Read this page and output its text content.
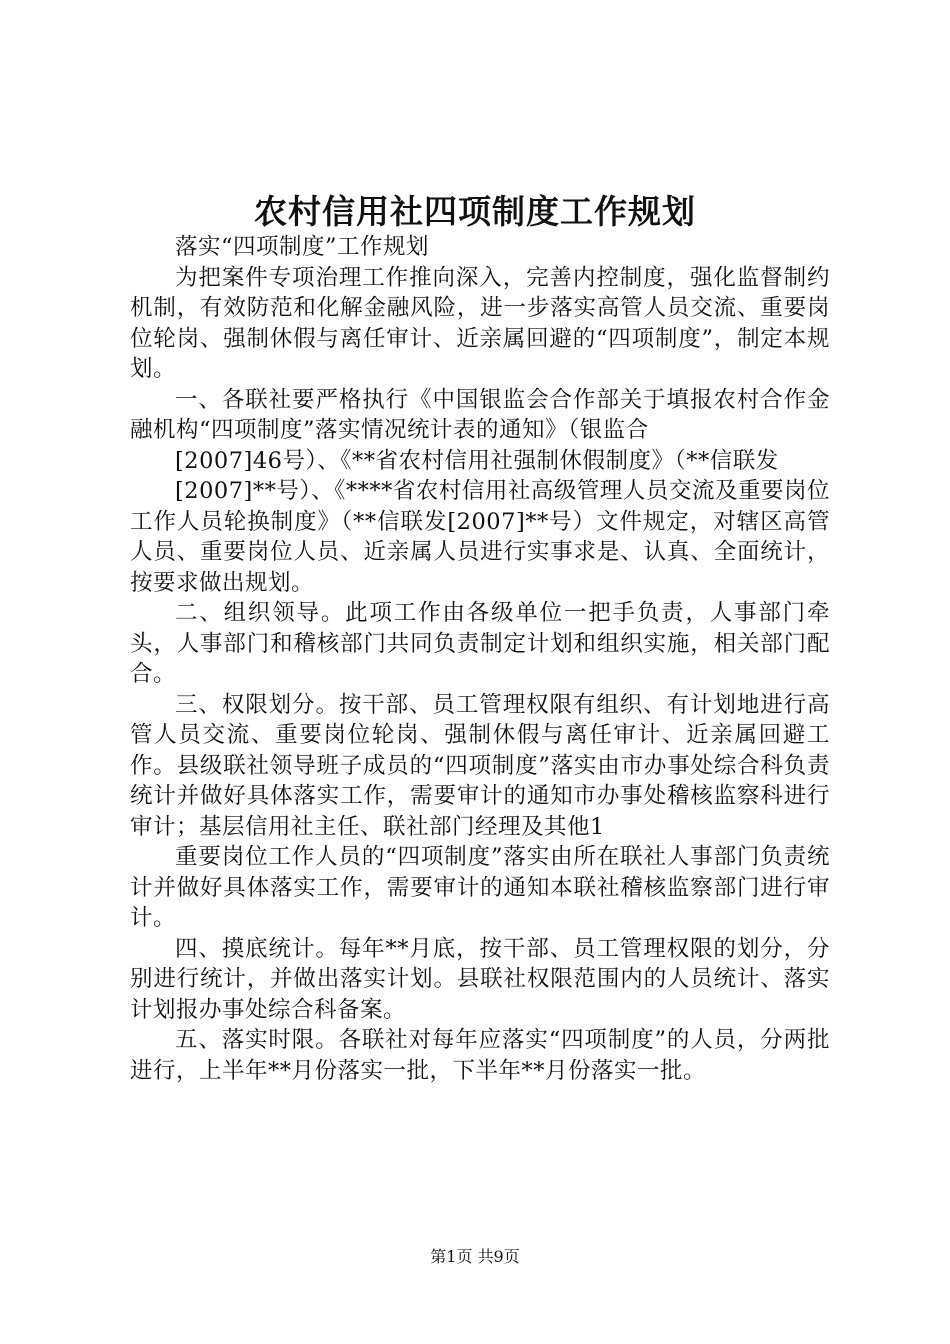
农村信用社四项制度工作规划

落实“四项制度”工作规划

为把案件专项治理工作推向深入，完善内控制度，强化监督制约机制，有效防范和化解金融风险，进一步落实高管人员交流、重要岗位轮岗、强制休假与离任审计、近亲属回避的“四项制度”，制定本规划。

一、各联社要严格执行《中国银监会合作部关于填报农村合作金融机构“四项制度”落实情况统计表的通知》（银监合

[2007]46号）、《**省农村信用社强制休假制度》（**信联发

[2007]**号）、《****省农村信用社高级管理人员交流及重要岗位工作人员轮换制度》（**信联发[2007]**号）文件规定，对辖区高管人员、重要岗位人员、近亲属人员进行实事求是、认真、全面统计，按要求做出规划。

二、组织领导。此项工作由各级单位一把手负责，人事部门牵头，人事部门和稽核部门共同负责制定计划和组织实施，相关部门配合。

三、权限划分。按干部、员工管理权限有组织、有计划地进行高管人员交流、重要岗位轮岗、强制休假与离任审计、近亲属回避工作。县级联社领导班子成员的“四项制度”落实由市办事处综合科负责统计并做好具体落实工作，需要审计的通知市办事处稽核监察科进行审计；基层信用社主任、联社部门经理及其他1

重要岗位工作人员的“四项制度”落实由所在联社人事部门负责统计并做好具体落实工作，需要审计的通知本联社稽核监察部门进行审计。

四、摸底统计。每年**月底，按干部、员工管理权限的划分，分别进行统计，并做出落实计划。县联社权限范围内的人员统计、落实计划报办事处综合科备案。

五、落实时限。各联社对每年应落实“四项制度”的人员，分两批进行，上半年**月份落实一批，下半年**月份落实一批。

第1页 共9页
